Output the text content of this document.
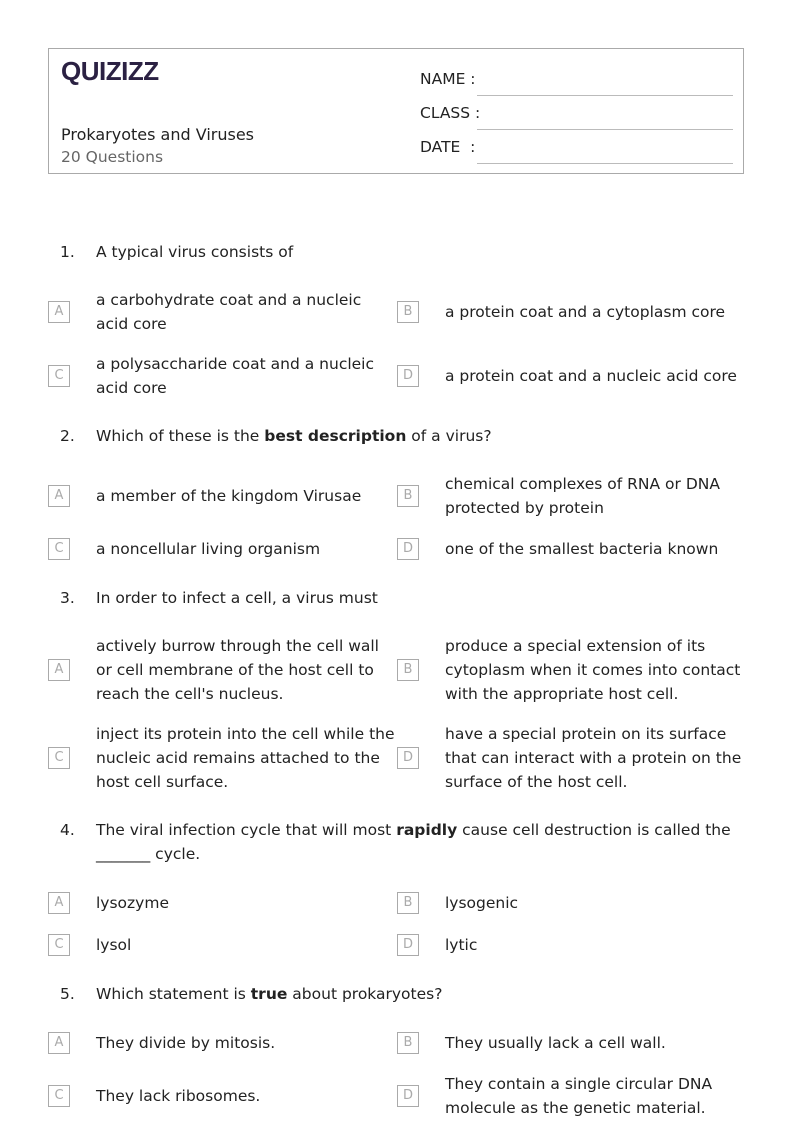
QUIZIZZ
Prokaryotes and Viruses
20 Questions
NAME :
CLASS :
DATE  :
1.	A typical virus consists of
A
a carbohydrate coat and a nucleic acid core
B	a protein coat and a cytoplasm core
C
a polysaccharide coat and a nucleic acid core
D	a protein coat and a nucleic acid core
2.	Which of these is the best description of a virus?
A	a member of the kingdom Virusae	B
chemical complexes of RNA or DNA protected by protein
C	a noncellular living organism	D	one of the smallest bacteria known
3.	In order to infect a cell, a virus must
A
actively burrow through the cell wall or cell membrane of the host cell to reach the cell's nucleus.
B
produce a special extension of its cytoplasm when it comes into contact with the appropriate host cell.
C
inject its protein into the cell while the nucleic acid remains attached to the host cell surface.
D
have a special protein on its surface that can interact with a protein on the surface of the host cell.
4.	The viral infection cycle that will most rapidly cause cell destruction is called the _______ cycle.
A	lysozyme	B	lysogenic
C	lysol	D	lytic
5.	Which statement is true about prokaryotes?
A	They divide by mitosis.	B	They usually lack a cell wall.
C	They lack ribosomes.	D
They contain a single circular DNA molecule as the genetic material.
